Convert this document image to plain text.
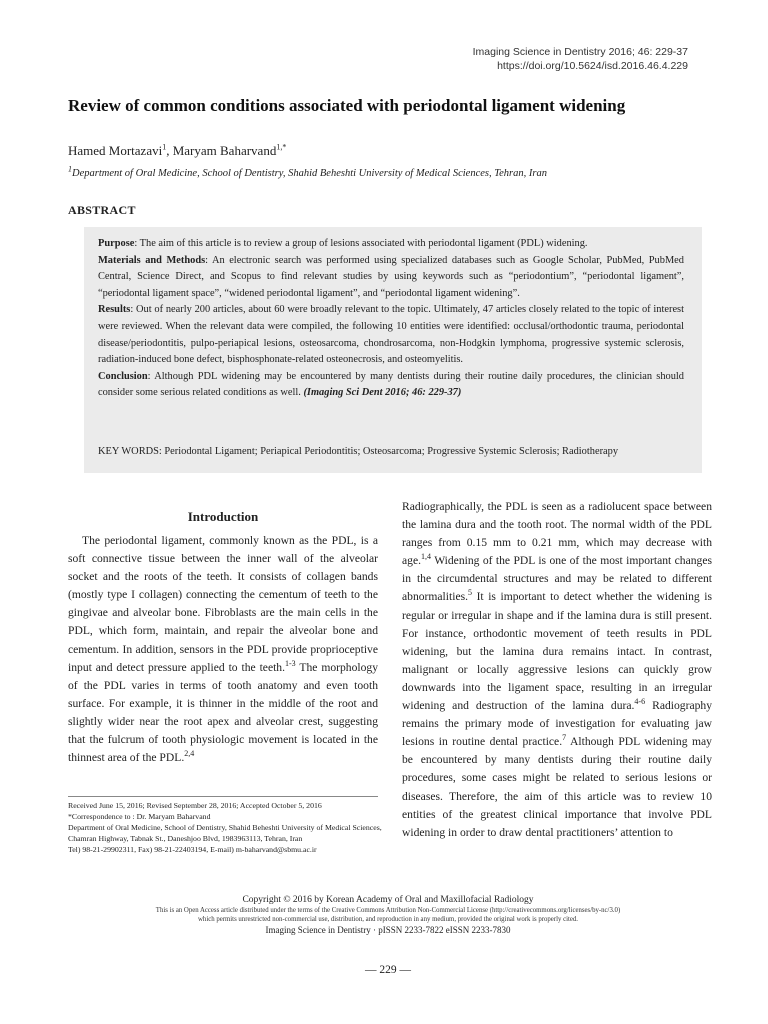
Imaging Science in Dentistry 2016; 46: 229-37
https://doi.org/10.5624/isd.2016.46.4.229
Review of common conditions associated with periodontal ligament widening
Hamed Mortazavi$^1$, Maryam Baharvand$^{1,*}$
$^1$Department of Oral Medicine, School of Dentistry, Shahid Beheshti University of Medical Sciences, Tehran, Iran
ABSTRACT

Purpose: The aim of this article is to review a group of lesions associated with periodontal ligament (PDL) widening.

Materials and Methods: An electronic search was performed using specialized databases such as Google Scholar, PubMed, PubMed Central, Science Direct, and Scopus to find relevant studies by using keywords such as “periodontium”, “periodontal ligament”, “periodontal ligament space”, “widened periodontal ligament”, and “periodontal ligament widening”.

Results: Out of nearly 200 articles, about 60 were broadly relevant to the topic. Ultimately, 47 articles closely related to the topic of interest were reviewed. When the relevant data were compiled, the following 10 entities were identified: occlusal/orthodontic trauma, periodontal disease/periodontitis, pulpo-periapical lesions, osteosarcoma, chondrosarcoma, non-Hodgkin lymphoma, progressive systemic sclerosis, radiation-induced bone defect, bisphosphonate-related osteonecrosis, and osteomyelitis.

Conclusion: Although PDL widening may be encountered by many dentists during their routine daily procedures, the clinician should consider some serious related conditions as well. (Imaging Sci Dent 2016; 46: 229-37)

KEY WORDS: Periodontal Ligament; Periapical Periodontitis; Osteosarcoma; Progressive Systemic Sclerosis; Radiotherapy
Introduction

The periodontal ligament, commonly known as the PDL, is a soft connective tissue between the inner wall of the alveolar socket and the roots of the teeth. It consists of collagen bands (mostly type I collagen) connecting the cementum of teeth to the gingivae and alveolar bone. Fibroblasts are the main cells in the PDL, which form, maintain, and repair the alveolar bone and cementum. In addition, sensors in the PDL provide proprioceptive input and detect pressure applied to the teeth.$^{1-3}$ The morphology of the PDL varies in terms of tooth anatomy and even tooth surface. For example, it is thinner in the middle of the root and slightly wider near the root apex and alveolar crest, suggesting that the fulcrum of tooth physiologic movement is located in the thinnest area of the PDL.$^{2,4}$

Radiographically, the PDL is seen as a radiolucent space between the lamina dura and the tooth root. The normal width of the PDL ranges from 0.15 mm to 0.21 mm, which may decrease with age.$^{1,4}$ Widening of the PDL is one of the most important changes in the circumdental structures and may be related to different abnormalities.$^5$ It is important to detect whether the widening is regular or irregular in shape and if the lamina dura is still present. For instance, orthodontic movement of teeth results in PDL widening, but the lamina dura remains intact. In contrast, malignant or locally aggressive lesions can quickly grow downwards into the ligament space, resulting in an irregular widening and destruction of the lamina dura.$^{4-6}$ Radiography remains the primary mode of investigation for evaluating jaw lesions in routine dental practice.$^7$ Although PDL widening may be encountered by many dentists during their routine daily procedures, some cases might be related to serious lesions or diseases. Therefore, the aim of this article was to review 10 entities of the greatest clinical importance that involve PDL widening in order to draw dental practitioners’ attention to

Received June 15, 2016; Revised September 28, 2016; Accepted October 5, 2016

*Correspondence to : Dr. Maryam Baharvand

Department of Oral Medicine, School of Dentistry, Shahid Beheshti University of Medical Sciences, Chamran Highway, Tabnak St., Daneshjoo Blvd, 1983963113, Tehran, Iran

Tel) 98-21-29902311, Fax) 98-21-22403194, E-mail) m-baharvand@sbmu.ac.ir

Copyright © 2016 by Korean Academy of Oral and Maxillofacial Radiology
This is an Open Access article distributed under the terms of the Creative Commons Attribution Non-Commercial License (http://creativecommons.org/licenses/by-nc/3.0)
which permits unrestricted non-commercial use, distribution, and reproduction in any medium, provided the original work is properly cited.
Imaging Science in Dentistry · pISSN 2233-7822 eISSN 2233-7830
— 229 —
